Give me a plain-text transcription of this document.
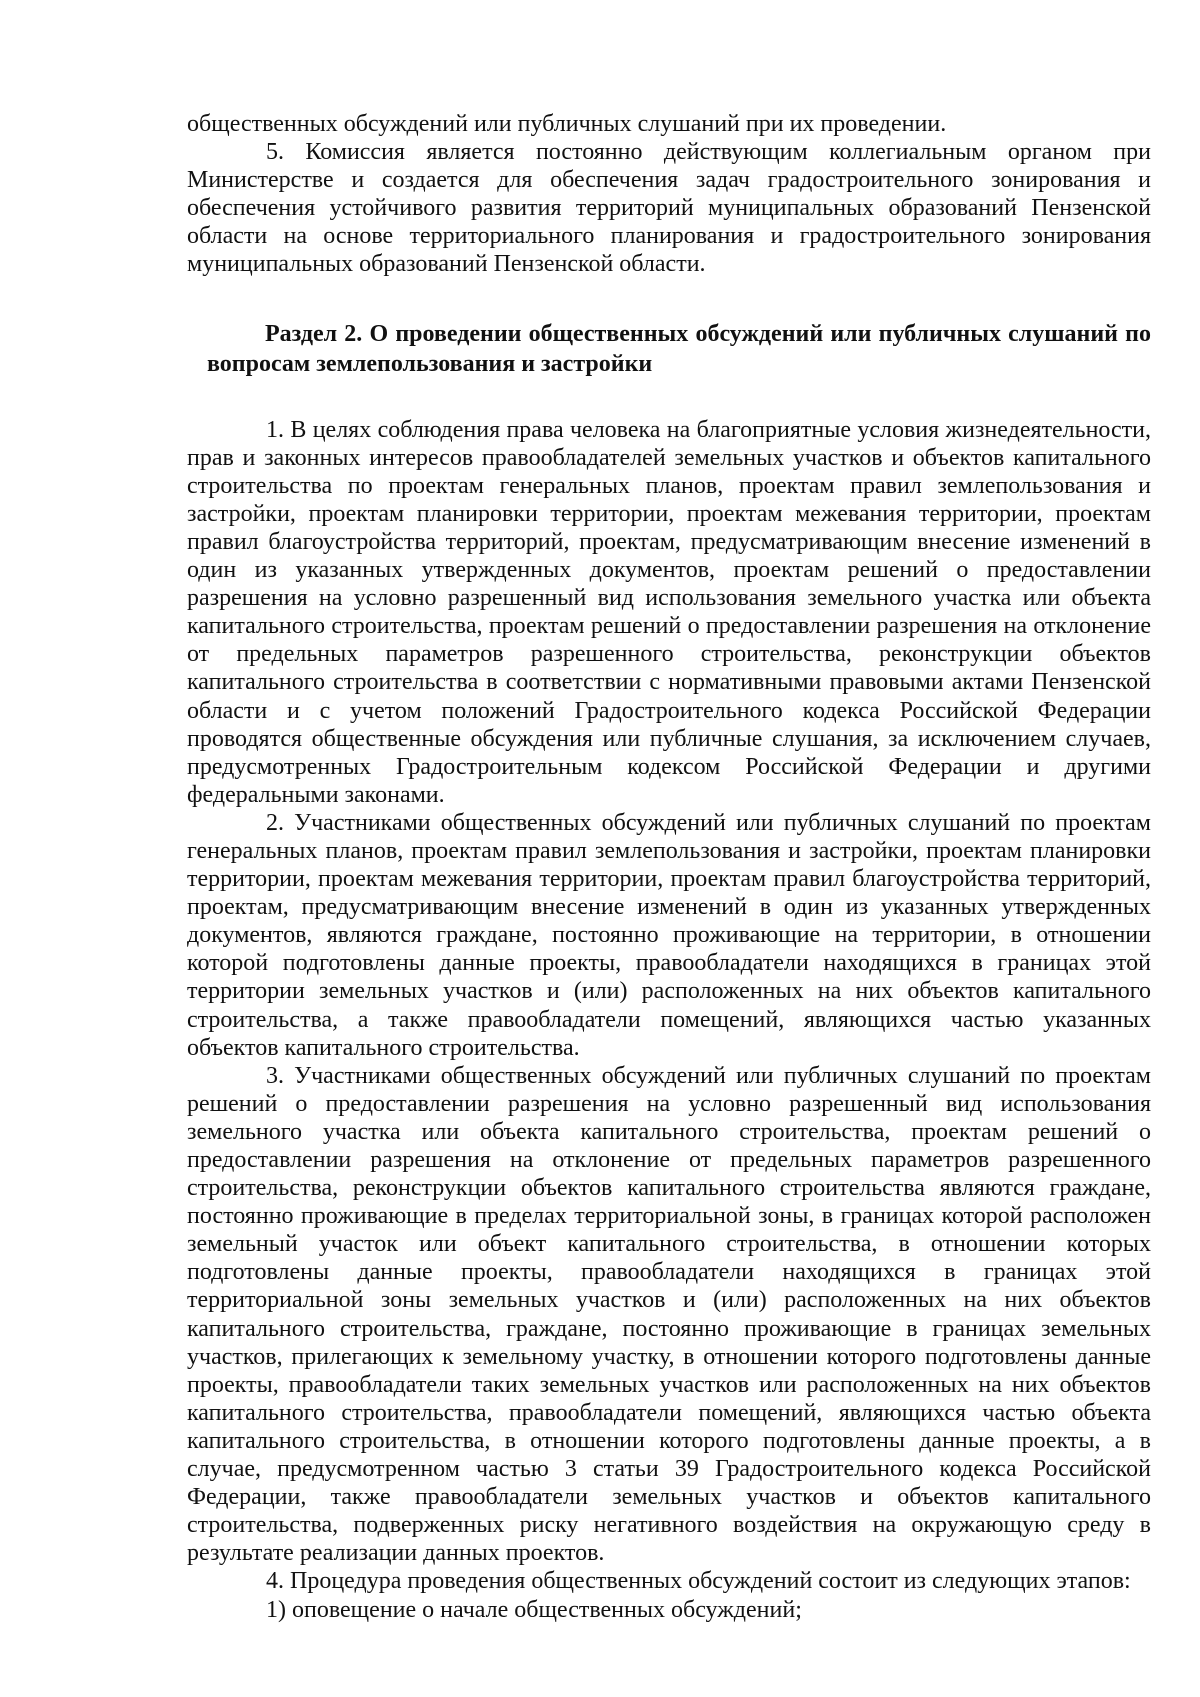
общественных обсуждений или публичных слушаний при их проведении.

5. Комиссия является постоянно действующим коллегиальным органом при Министерстве и создается для обеспечения задач градостроительного зонирования и обеспечения устойчивого развития территорий муниципальных образований Пензенской области на основе территориального планирования и градостроительного зонирования муниципальных образований Пензенской области.

Раздел 2. О проведении общественных обсуждений или публичных слушаний по вопросам землепользования и застройки

1. В целях соблюдения права человека на благоприятные условия жизнедеятельности, прав и законных интересов правообладателей земельных участков и объектов капитального строительства по проектам генеральных планов, проектам правил землепользования и застройки, проектам планировки территории, проектам межевания территории, проектам правил благоустройства территорий, проектам, предусматривающим внесение изменений в один из указанных утвержденных документов, проектам решений о предоставлении разрешения на условно разрешенный вид использования земельного участка или объекта капитального строительства, проектам решений о предоставлении разрешения на отклонение от предельных параметров разрешенного строительства, реконструкции объектов капитального строительства в соответствии с нормативными правовыми актами Пензенской области и с учетом положений Градостроительного кодекса Российской Федерации проводятся общественные обсуждения или публичные слушания, за исключением случаев, предусмотренных Градостроительным кодексом Российской Федерации и другими федеральными законами.

2. Участниками общественных обсуждений или публичных слушаний по проектам генеральных планов, проектам правил землепользования и застройки, проектам планировки территории, проектам межевания территории, проектам правил благоустройства территорий, проектам, предусматривающим внесение изменений в один из указанных утвержденных документов, являются граждане, постоянно проживающие на территории, в отношении которой подготовлены данные проекты, правообладатели находящихся в границах этой территории земельных участков и (или) расположенных на них объектов капитального строительства, а также правообладатели помещений, являющихся частью указанных объектов капитального строительства.

3. Участниками общественных обсуждений или публичных слушаний по проектам решений о предоставлении разрешения на условно разрешенный вид использования земельного участка или объекта капитального строительства, проектам решений о предоставлении разрешения на отклонение от предельных параметров разрешенного строительства, реконструкции объектов капитального строительства являются граждане, постоянно проживающие в пределах территориальной зоны, в границах которой расположен земельный участок или объект капитального строительства, в отношении которых подготовлены данные проекты, правообладатели находящихся в границах этой территориальной зоны земельных участков и (или) расположенных на них объектов капитального строительства, граждане, постоянно проживающие в границах земельных участков, прилегающих к земельному участку, в отношении которого подготовлены данные проекты, правообладатели таких земельных участков или расположенных на них объектов капитального строительства, правообладатели помещений, являющихся частью объекта капитального строительства, в отношении которого подготовлены данные проекты, а в случае, предусмотренном частью 3 статьи 39 Градостроительного кодекса Российской Федерации, также правообладатели земельных участков и объектов капитального строительства, подверженных риску негативного воздействия на окружающую среду в результате реализации данных проектов.

4. Процедура проведения общественных обсуждений состоит из следующих этапов:

1) оповещение о начале общественных обсуждений;
